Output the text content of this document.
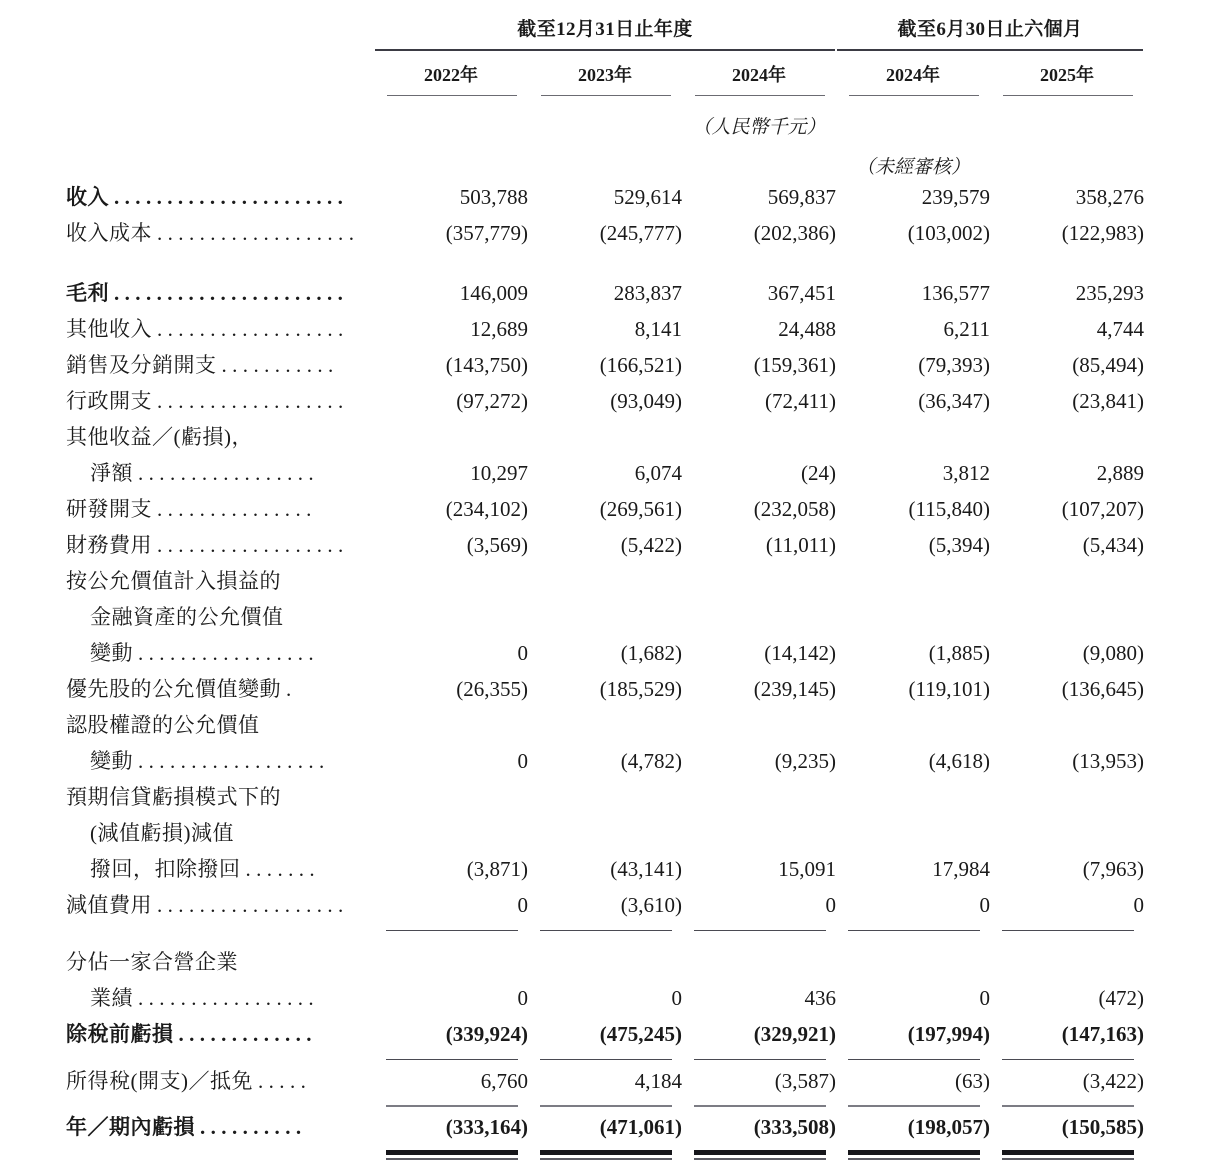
	截至12月31日止年度			截至6月30日止六個月	

	2022年	2023年	2024年	2024年	2025年

			（人民幣千元）		
				（未經審核）	

收入 ......................	503,788	529,614	569,837	239,579	358,276

收入成本 ...................	(357,779)	(245,777)	(202,386)	(103,002)	(122,983)

毛利 ......................	146,009	283,837	367,451	136,577	235,293

其他收入 ..................	12,689	8,141	24,488	6,211	4,744

銷售及分銷開支 ...........	(143,750)	(166,521)	(159,361)	(79,393)	(85,494)

行政開支 ..................	(97,272)	(93,049)	(72,411)	(36,347)	(23,841)

其他收益／(虧損)，					

淨額 .................	10,297	6,074	(24)	3,812	2,889

研發開支 ...............	(234,102)	(269,561)	(232,058)	(115,840)	(107,207)

財務費用 ..................	(3,569)	(5,422)	(11,011)	(5,394)	(5,434)

按公允價值計入損益的					

金融資產的公允價值					

變動 .................	0	(1,682)	(14,142)	(1,885)	(9,080)

優先股的公允價值變動 .	(26,355)	(185,529)	(239,145)	(119,101)	(136,645)

認股權證的公允價值					

變動 ..................	0	(4,782)	(9,235)	(4,618)	(13,953)

預期信貸虧損模式下的					

(減值虧損)減值					

撥回，扣除撥回 .......	(3,871)	(43,141)	15,091	17,984	(7,963)

減值費用 ..................	0	(3,610)	0	0	0

分佔一家合營企業					

業績 .................	0	0	436	0	(472)

除稅前虧損 .............	(339,924)	(475,245)	(329,921)	(197,994)	(147,163)

所得稅(開支)／抵免 .....	6,760	4,184	(3,587)	(63)	(3,422)

年／期內虧損 ..........	(333,164)	(471,061)	(333,508)	(198,057)	(150,585)
